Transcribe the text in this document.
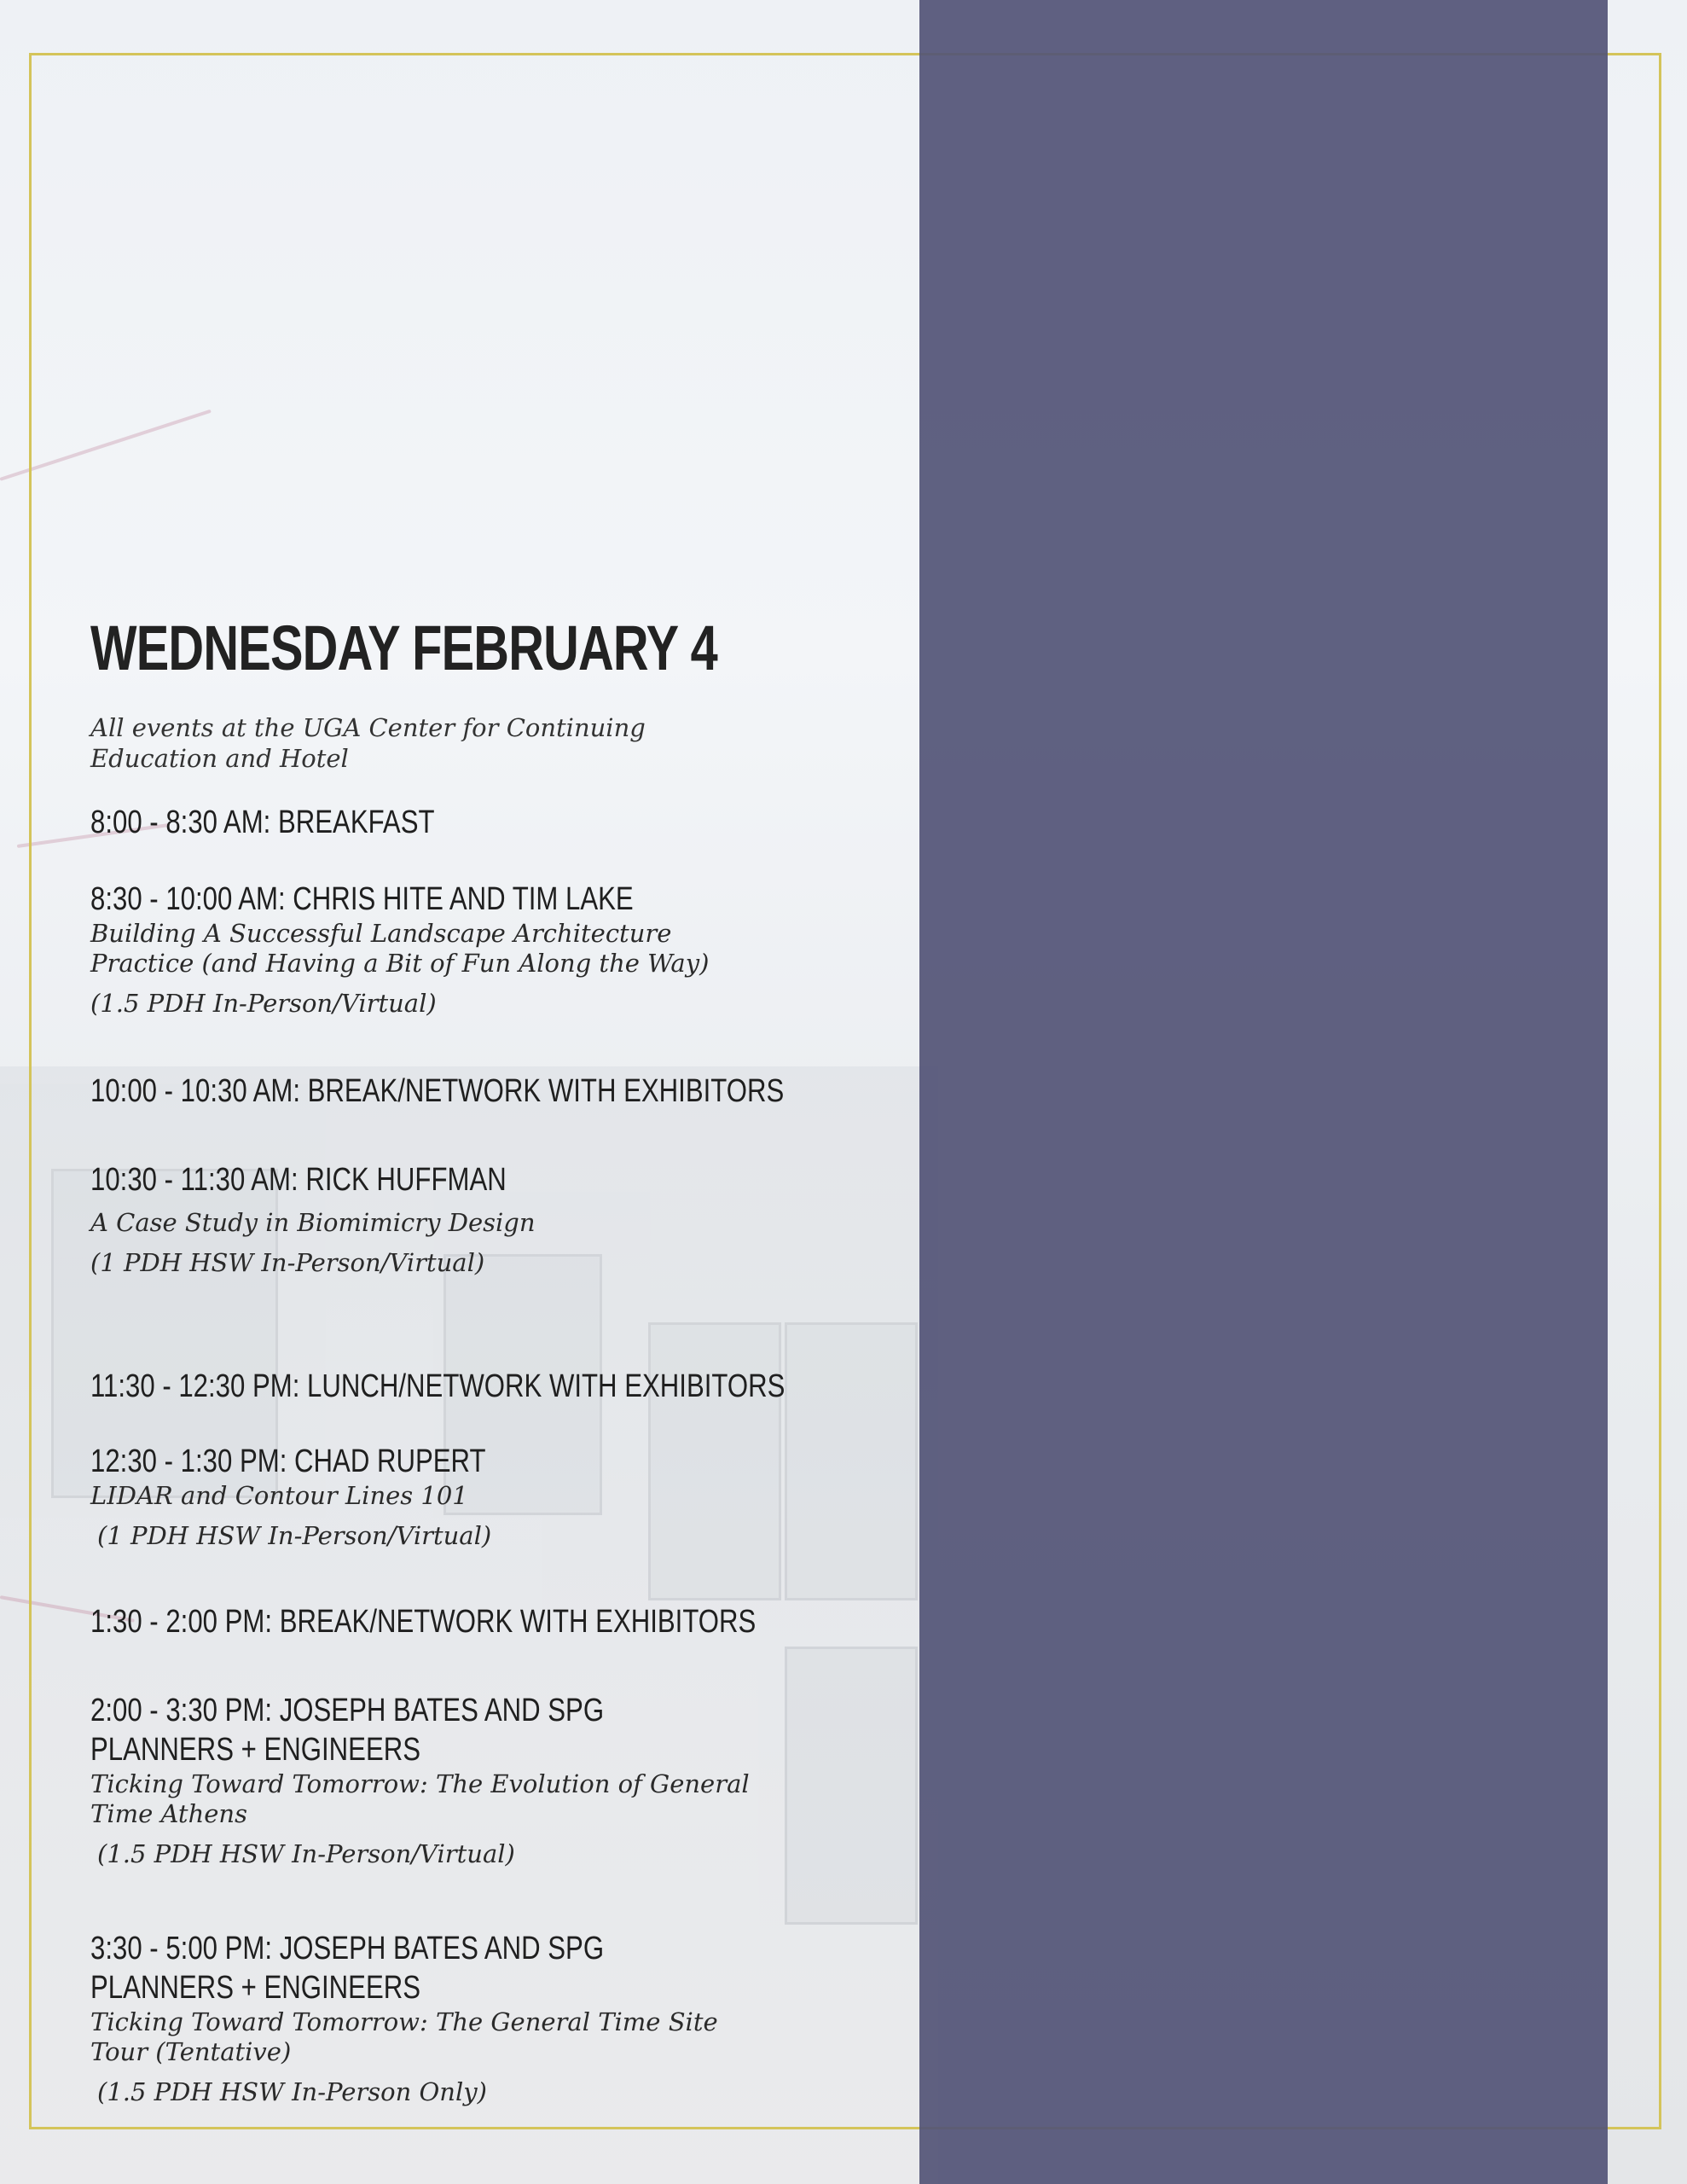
WEDNESDAY FEBRUARY 4
All events at the UGA Center for Continuing Education and Hotel
8:00 - 8:30 AM: BREAKFAST
8:30 - 10:00 AM: CHRIS HITE AND TIM LAKE
Building A Successful Landscape Architecture Practice (and Having a Bit of Fun Along the Way)
(1.5 PDH In-Person/Virtual)
10:00 - 10:30 AM: BREAK/NETWORK WITH EXHIBITORS
10:30 - 11:30 AM: RICK HUFFMAN
A Case Study in Biomimicry Design
(1 PDH HSW In-Person/Virtual)
11:30 - 12:30 PM: LUNCH/NETWORK WITH EXHIBITORS
12:30 - 1:30 PM: CHAD RUPERT
LIDAR and Contour Lines 101
(1 PDH HSW In-Person/Virtual)
1:30 - 2:00 PM: BREAK/NETWORK WITH EXHIBITORS
2:00 - 3:30 PM: JOSEPH BATES AND SPG PLANNERS + ENGINEERS
Ticking Toward Tomorrow: The Evolution of General Time Athens
(1.5 PDH HSW In-Person/Virtual)
3:30 - 5:00 PM: JOSEPH BATES AND SPG PLANNERS + ENGINEERS
Ticking Toward Tomorrow: The General Time Site Tour (Tentative)
(1.5 PDH HSW In-Person Only)
